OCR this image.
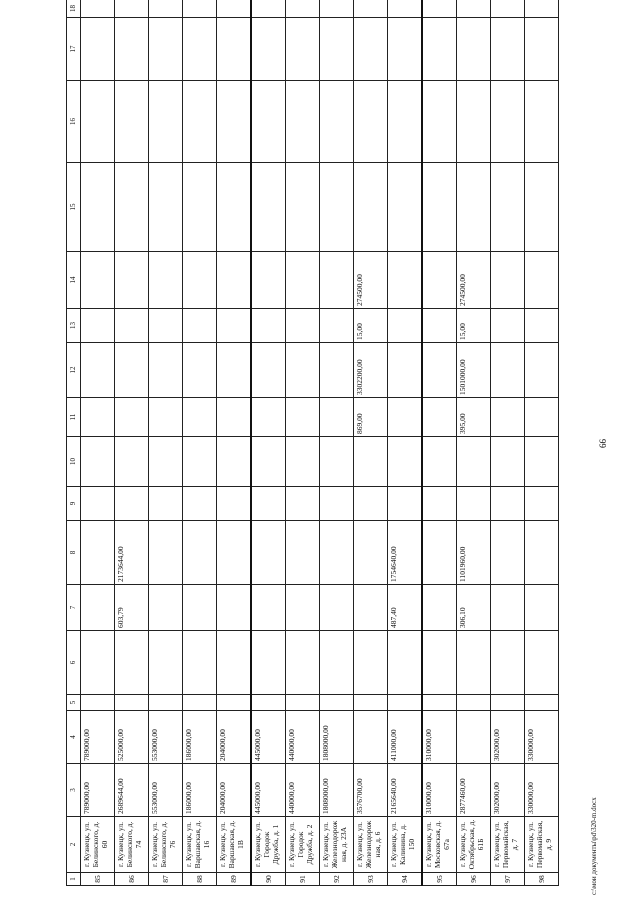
66
1	2	3	4	5	6	7	8	9	10	11	12	13	14	15	16	17	18
85	г. Кузнецк, ул. Белинского, д. 60	789000,00	789000,00														
86	г. Кузнецк, ул. Белинского, д. 74	2689644,00	525000,00			603,79	2173644,00										
87	г. Кузнецк, ул. Белинского, д. 76	553000,00	553000,00														
88	г. Кузнецк, ул. Варшавская, д. 16	186000,00	186000,00														
89	г. Кузнецк, ул. Варшавская, д. 1В	204000,00	204000,00														
90	г. Кузнецк, ул. Городок Дружба, д. 1	445000,00	445000,00														
91	г. Кузнецк, ул. Городок Дружба, д. 2	440000,00	440000,00														
92	г. Кузнецк, ул. Железнодорожная, д. 23А	1808000,00	1808000,00														
93	г. Кузнецк, ул. Железнодорожная, д. 6	3576700,00								869,00	3302200,00	15,00	274500,00				
94	г. Кузнецк, ул. Калинина, д. 150	2165640,00	411000,00			487,40	1754640,00										
95	г. Кузнецк, ул. Московская, д. 67а	310000,00	310000,00														
96	г. Кузнецк, ул. Октябрьская, д. 61Б	2877460,00				306,10	1101960,00			395,00	1501000,00	15,00	274500,00				
97	г. Кузнецк, ул. Первомайская, д. 7	302000,00	302000,00														
98	г. Кузнецк, ул. Первомайская, д. 9	330000,00	330000,00														
c:\мои документы\pd\320-m.docx
